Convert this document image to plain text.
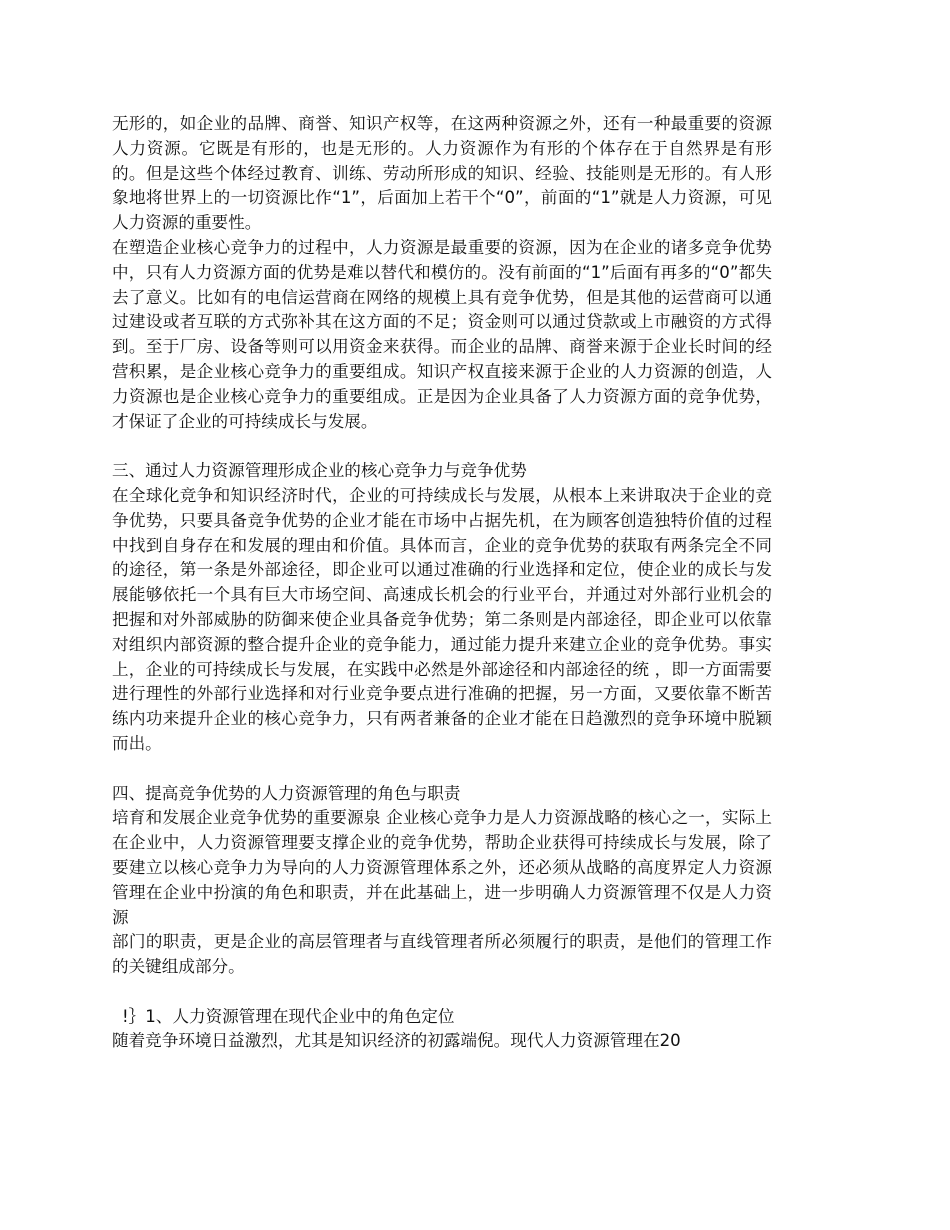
无形的，如企业的品牌、商誉、知识产权等，在这两种资源之外，还有一种最重要的资源人力资源。它既是有形的，也是无形的。人力资源作为有形的个体存在于自然界是有形的。但是这些个体经过教育、训练、劳动所形成的知识、经验、技能则是无形的。有人形象地将世界上的一切资源比作“1”，后面加上若干个“0”，前面的“1”就是人力资源，可见人力资源的重要性。

在塑造企业核心竞争力的过程中，人力资源是最重要的资源，因为在企业的诸多竞争优势中，只有人力资源方面的优势是难以替代和模仿的。没有前面的“1”后面有再多的“0”都失去了意义。比如有的电信运营商在网络的规模上具有竞争优势，但是其他的运营商可以通过建设或者互联的方式弥补其在这方面的不足；资金则可以通过贷款或上市融资的方式得到。至于厂房、设备等则可以用资金来获得。而企业的品牌、商誉来源于企业长时间的经营积累，是企业核心竞争力的重要组成。知识产权直接来源于企业的人力资源的创造，人力资源也是企业核心竞争力的重要组成。正是因为企业具备了人力资源方面的竞争优势，才保证了企业的可持续成长与发展。

三、通过人力资源管理形成企业的核心竞争力与竞争优势

在全球化竞争和知识经济时代，企业的可持续成长与发展，从根本上来讲取决于企业的竞争优势，只要具备竞争优势的企业才能在市场中占据先机，在为顾客创造独特价值的过程中找到自身存在和发展的理由和价值。具体而言，企业的竞争优势的获取有两条完全不同的途径，第一条是外部途径，即企业可以通过准确的行业选择和定位，使企业的成长与发展能够依托一个具有巨大市场空间、高速成长机会的行业平台，并通过对外部行业机会的把握和对外部威胁的防御来使企业具备竞争优势；第二条则是内部途径，即企业可以依靠对组织内部资源的整合提升企业的竞争能力，通过能力提升来建立企业的竞争优势。事实上，企业的可持续成长与发展，在实践中必然是外部途径和内部途径的统 ，即一方面需要进行理性的外部行业选择和对行业竞争要点进行准确的把握，另一方面，又要依靠不断苦练内功来提升企业的核心竞争力，只有两者兼备的企业才能在日趋激烈的竞争环境中脱颖而出。

四、提高竞争优势的人力资源管理的角色与职责

培育和发展企业竞争优势的重要源泉 企业核心竞争力是人力资源战略的核心之一，实际上在企业中，人力资源管理要支撑企业的竞争优势，帮助企业获得可持续成长与发展，除了要建立以核心竞争力为导向的人力资源管理体系之外，还必须从战略的高度界定人力资源管理在企业中扮演的角色和职责，并在此基础上，进一步明确人力资源管理不仅是人力资源

部门的职责，更是企业的高层管理者与直线管理者所必须履行的职责，是他们的管理工作的关键组成部分。

!｝1、人力资源管理在现代企业中的角色定位

随着竞争环境日益激烈，尤其是知识经济的初露端倪。现代人力资源管理在20
